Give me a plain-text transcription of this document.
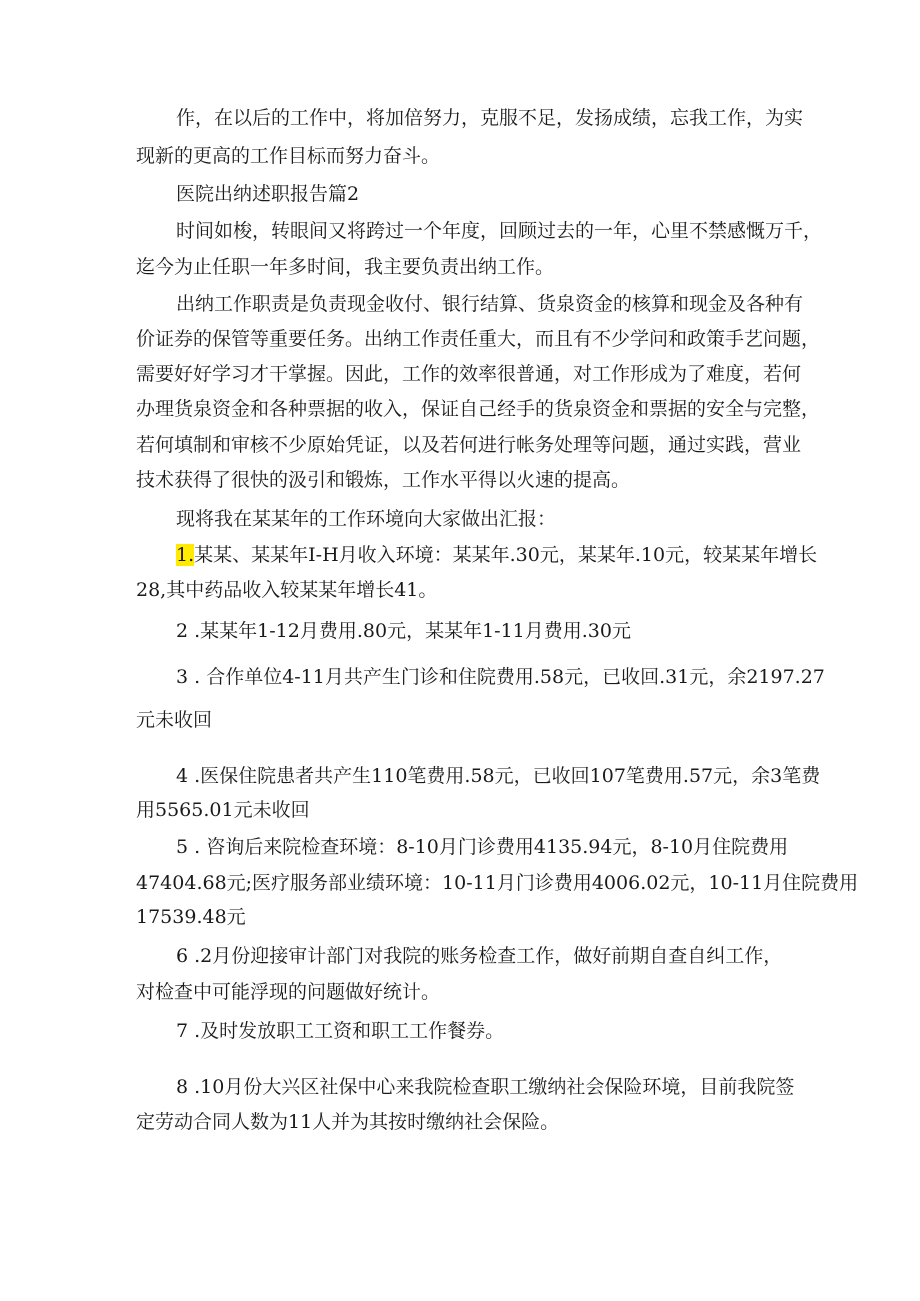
作，在以后的工作中，将加倍努力，克服不足，发扬成绩，忘我工作，为实
现新的更高的工作目标而努力奋斗。
医院出纳述职报告篇2
时间如梭，转眼间又将跨过一个年度，回顾过去的一年，心里不禁感慨万千，
迄今为止任职一年多时间，我主要负责出纳工作。
出纳工作职责是负责现金收付、银行结算、货泉资金的核算和现金及各种有
价证券的保管等重要任务。出纳工作责任重大，而且有不少学问和政策手艺问题，
需要好好学习才干掌握。因此，工作的效率很普通，对工作形成为了难度，若何
办理货泉资金和各种票据的收入，保证自己经手的货泉资金和票据的安全与完整，
若何填制和审核不少原始凭证，以及若何进行帐务处理等问题，通过实践，营业
技术获得了很快的汲引和锻炼，工作水平得以火速的提高。
现将我在某某年的工作环境向大家做出汇报：
1.某某、某某年I-H月收入环境：某某年.30元，某某年.10元，较某某年增长
28,其中药品收入较某某年增长41。
2 .某某年1-12月费用.80元，某某年1-11月费用.30元
3 . 合作单位4-11月共产生门诊和住院费用.58元，已收回.31元，余2197.27
元未收回
4 .医保住院患者共产生110笔费用.58元，已收回107笔费用.57元，余3笔费
用5565.01元未收回
5 . 咨询后来院检查环境：8-10月门诊费用4135.94元，8-10月住院费用
47404.68元;医疗服务部业绩环境：10-11月门诊费用4006.02元，10-11月住院费用
17539.48元
6 .2月份迎接审计部门对我院的账务检查工作，做好前期自查自纠工作，
对检查中可能浮现的问题做好统计。
7 .及时发放职工工资和职工工作餐券。
8 .10月份大兴区社保中心来我院检查职工缴纳社会保险环境，目前我院签
定劳动合同人数为11人并为其按时缴纳社会保险。
